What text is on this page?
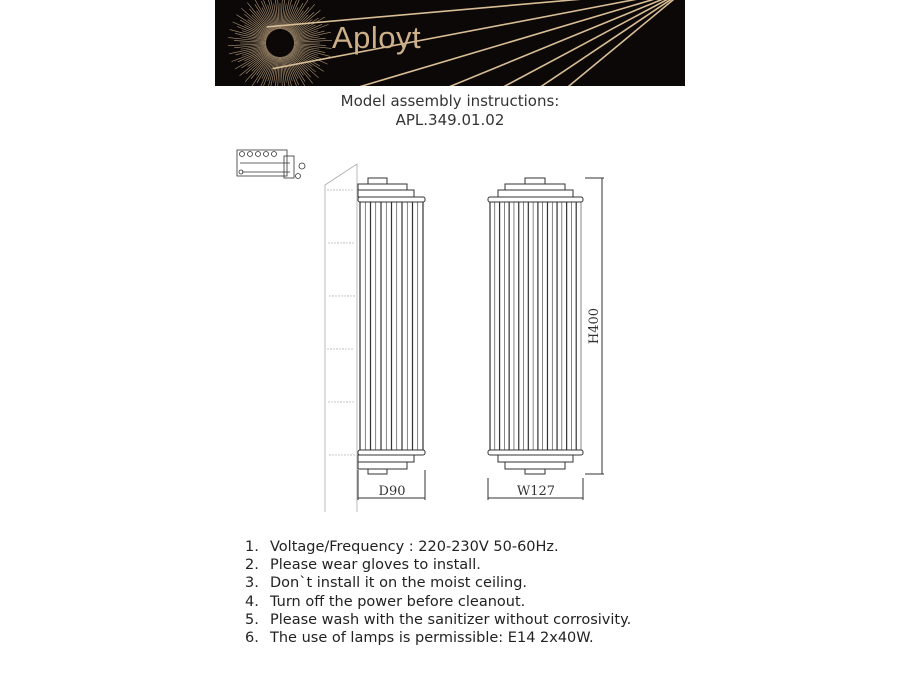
Aployt
Model assembly instructions:
APL.349.01.02
H400
D90	W127
1. Voltage/Frequency : 220-230V 50-60Hz.
2. Please wear gloves to install.
3. Don`t install it on the moist ceiling.
4. Turn off the power before cleanout.
5. Please wash with the sanitizer without corrosivity.
6. The use of lamps is permissible: E14 2x40W.
